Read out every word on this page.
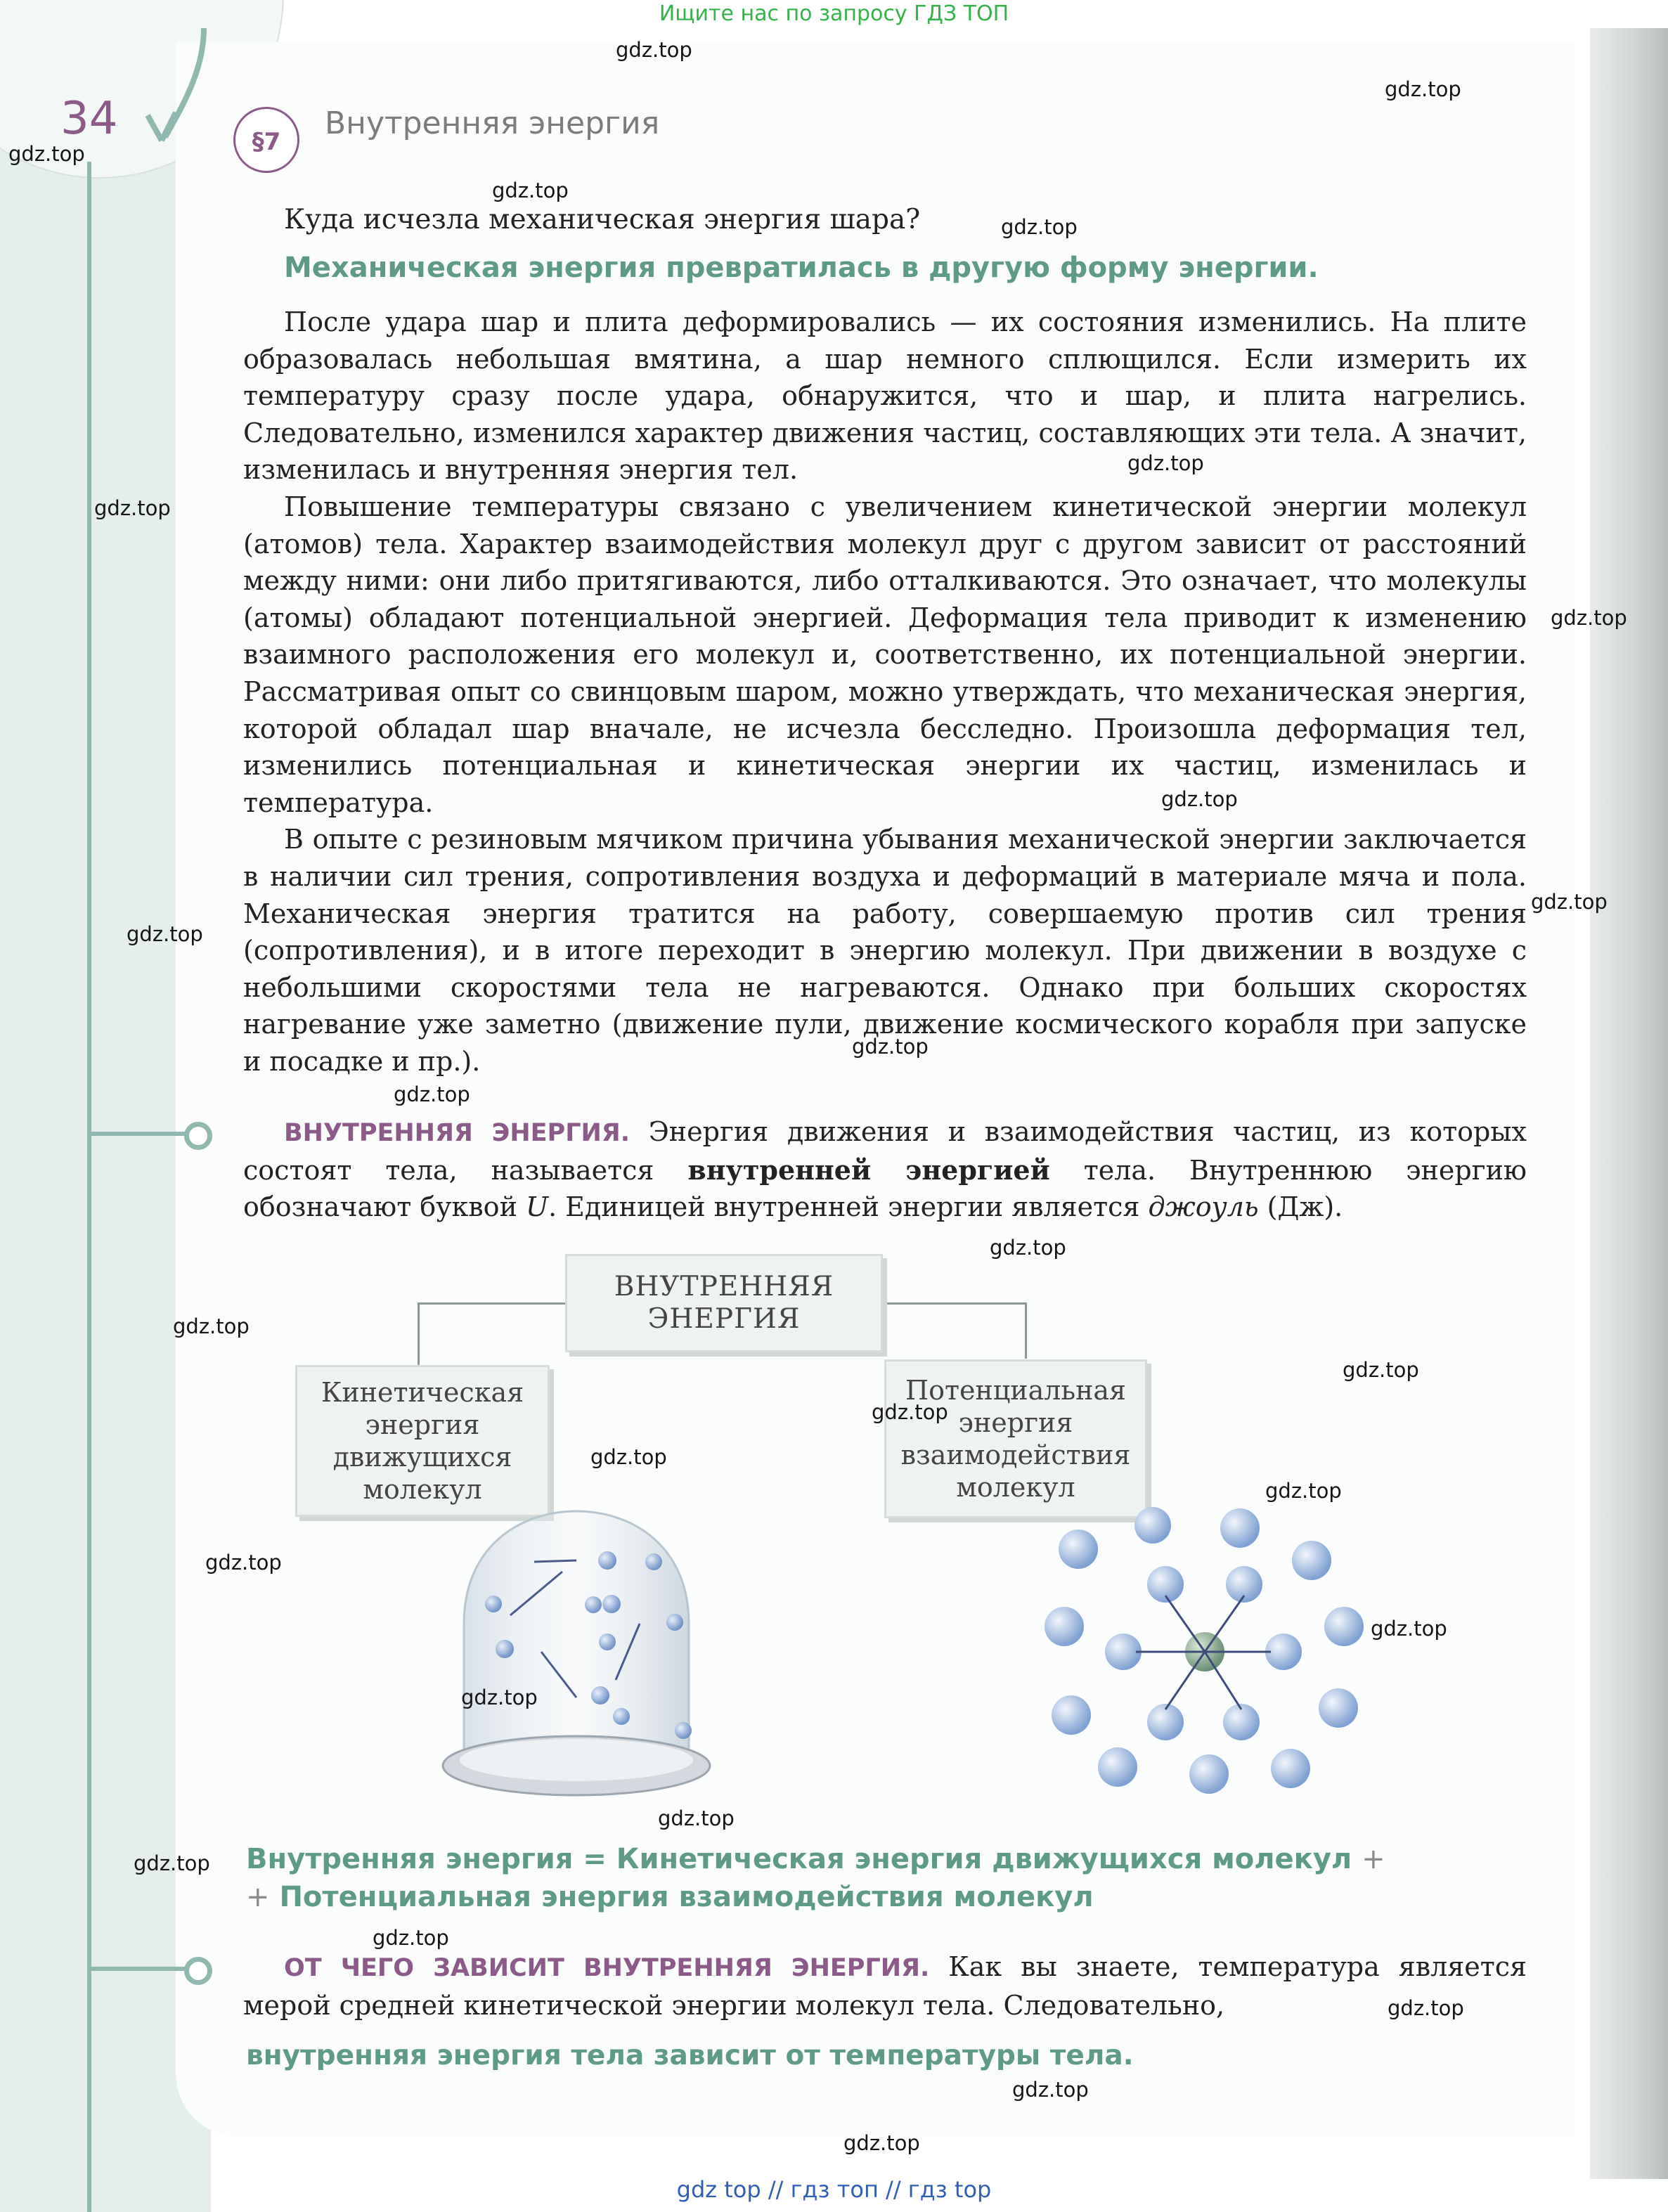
Ищите нас по запросу ГДЗ ТОП
34	§7
Внутренняя энергия
Куда исчезла механическая энергия шара?
Механическая энергия превратилась в другую форму энергии.

После удара шар и плита деформировались — их состояния изменились. На плите образовалась небольшая вмятина, а шар немного сплющился. Если измерить их температуру сразу после удара, обнаружится, что и шар, и плита нагрелись. Следовательно, изменился характер движения частиц, составляющих эти тела. А значит, изменилась и внутренняя энергия тел.

Повышение температуры связано с увеличением кинетической энергии молекул (атомов) тела. Характер взаимодействия молекул друг с другом зависит от расстояний между ними: они либо притягиваются, либо отталкиваются. Это означает, что молекулы (атомы) обладают потенциальной энергией. Деформация тела приводит к изменению взаимного расположения его молекул и, соответственно, их потенциальной энергии. Рассматривая опыт со свинцовым шаром, можно утверждать, что механическая энергия, которой обладал шар вначале, не исчезла бесследно. Произошла деформация тел, изменились потенциальная и кинетическая энергии их частиц, изменилась и температура.

В опыте с резиновым мячиком причина убывания механической энергии заключается в наличии сил трения, сопротивления воздуха и деформаций в материале мяча и пола. Механическая энергия тратится на работу, совершаемую против сил трения (сопротивления), и в итоге переходит в энергию молекул. При движении в воздухе с небольшими скоростями тела не нагреваются. Однако при больших скоростях нагревание уже заметно (движение пули, движение космического корабля при запуске и посадке и пр.).

ВНУТРЕННЯЯ ЭНЕРГИЯ. Энергия движения и взаимодействия частиц, из которых состоят тела, называется внутренней энергией тела. Внутреннюю энергию обозначают буквой U. Единицей внутренней энергии является джоуль (Дж).

ВНУТРЕННЯЯ ЭНЕРГИЯ
Кинетическая энергия движущихся молекул
Потенциальная энергия взаимодействия молекул
Внутренняя энергия = Кинетическая энергия движущихся молекул +
+ Потенциальная энергия взаимодействия молекул

ОТ ЧЕГО ЗАВИСИТ ВНУТРЕННЯЯ ЭНЕРГИЯ. Как вы знаете, температура является мерой средней кинетической энергии молекул тела. Следовательно,

внутренняя энергия тела зависит от температуры тела.
gdz.top
gdz.top
gdz.top
gdz.top
gdz.top
gdz.top
gdz.top
gdz.top
gdz.top
gdz.top
gdz.top
gdz.top
gdz.top
gdz.top
gdz.top
gdz.top
gdz.top
gdz.top
gdz.top
gdz.top
gdz.top
gdz.top
gdz.top
gdz.top
gdz.top
gdz.top
gdz.top
gdz.top
gdz top // гдз топ // гдз top
